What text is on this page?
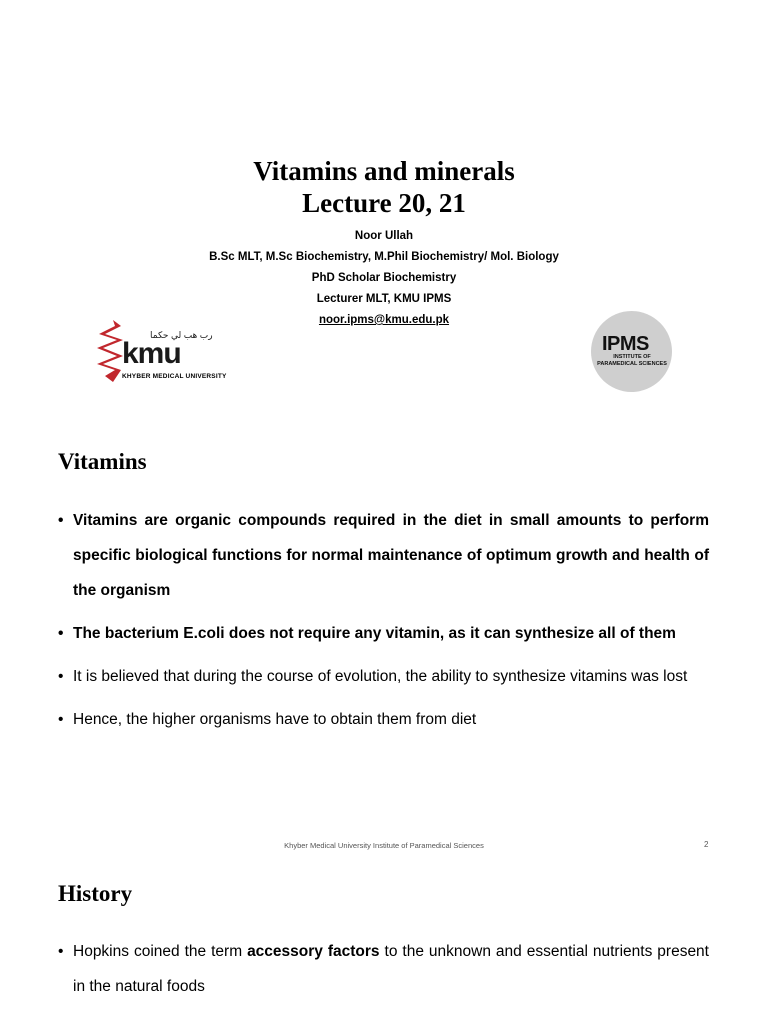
Vitamins and minerals
Lecture 20, 21
Noor Ullah
B.Sc MLT, M.Sc Biochemistry, M.Phil Biochemistry/ Mol. Biology
PhD Scholar Biochemistry
Lecturer MLT, KMU IPMS
noor.ipms@kmu.edu.pk
رب هب لي حكما
kmu
KHYBER MEDICAL UNIVERSITY
IPMS
INSTITUTE OF PARAMEDICAL SCIENCES
Vitamins
• Vitamins are organic compounds required in the diet in small amounts to perform specific biological functions for normal maintenance of optimum growth and health of the organism
• The bacterium E.coli does not require any vitamin, as it can synthesize all of them
• It is believed that during the course of evolution, the ability to synthesize vitamins was lost
• Hence, the higher organisms have to obtain them from diet
Khyber Medical University Institute of Paramedical Sciences	2
History
• Hopkins coined the term accessory factors to the unknown and essential nutrients present in the natural foods
